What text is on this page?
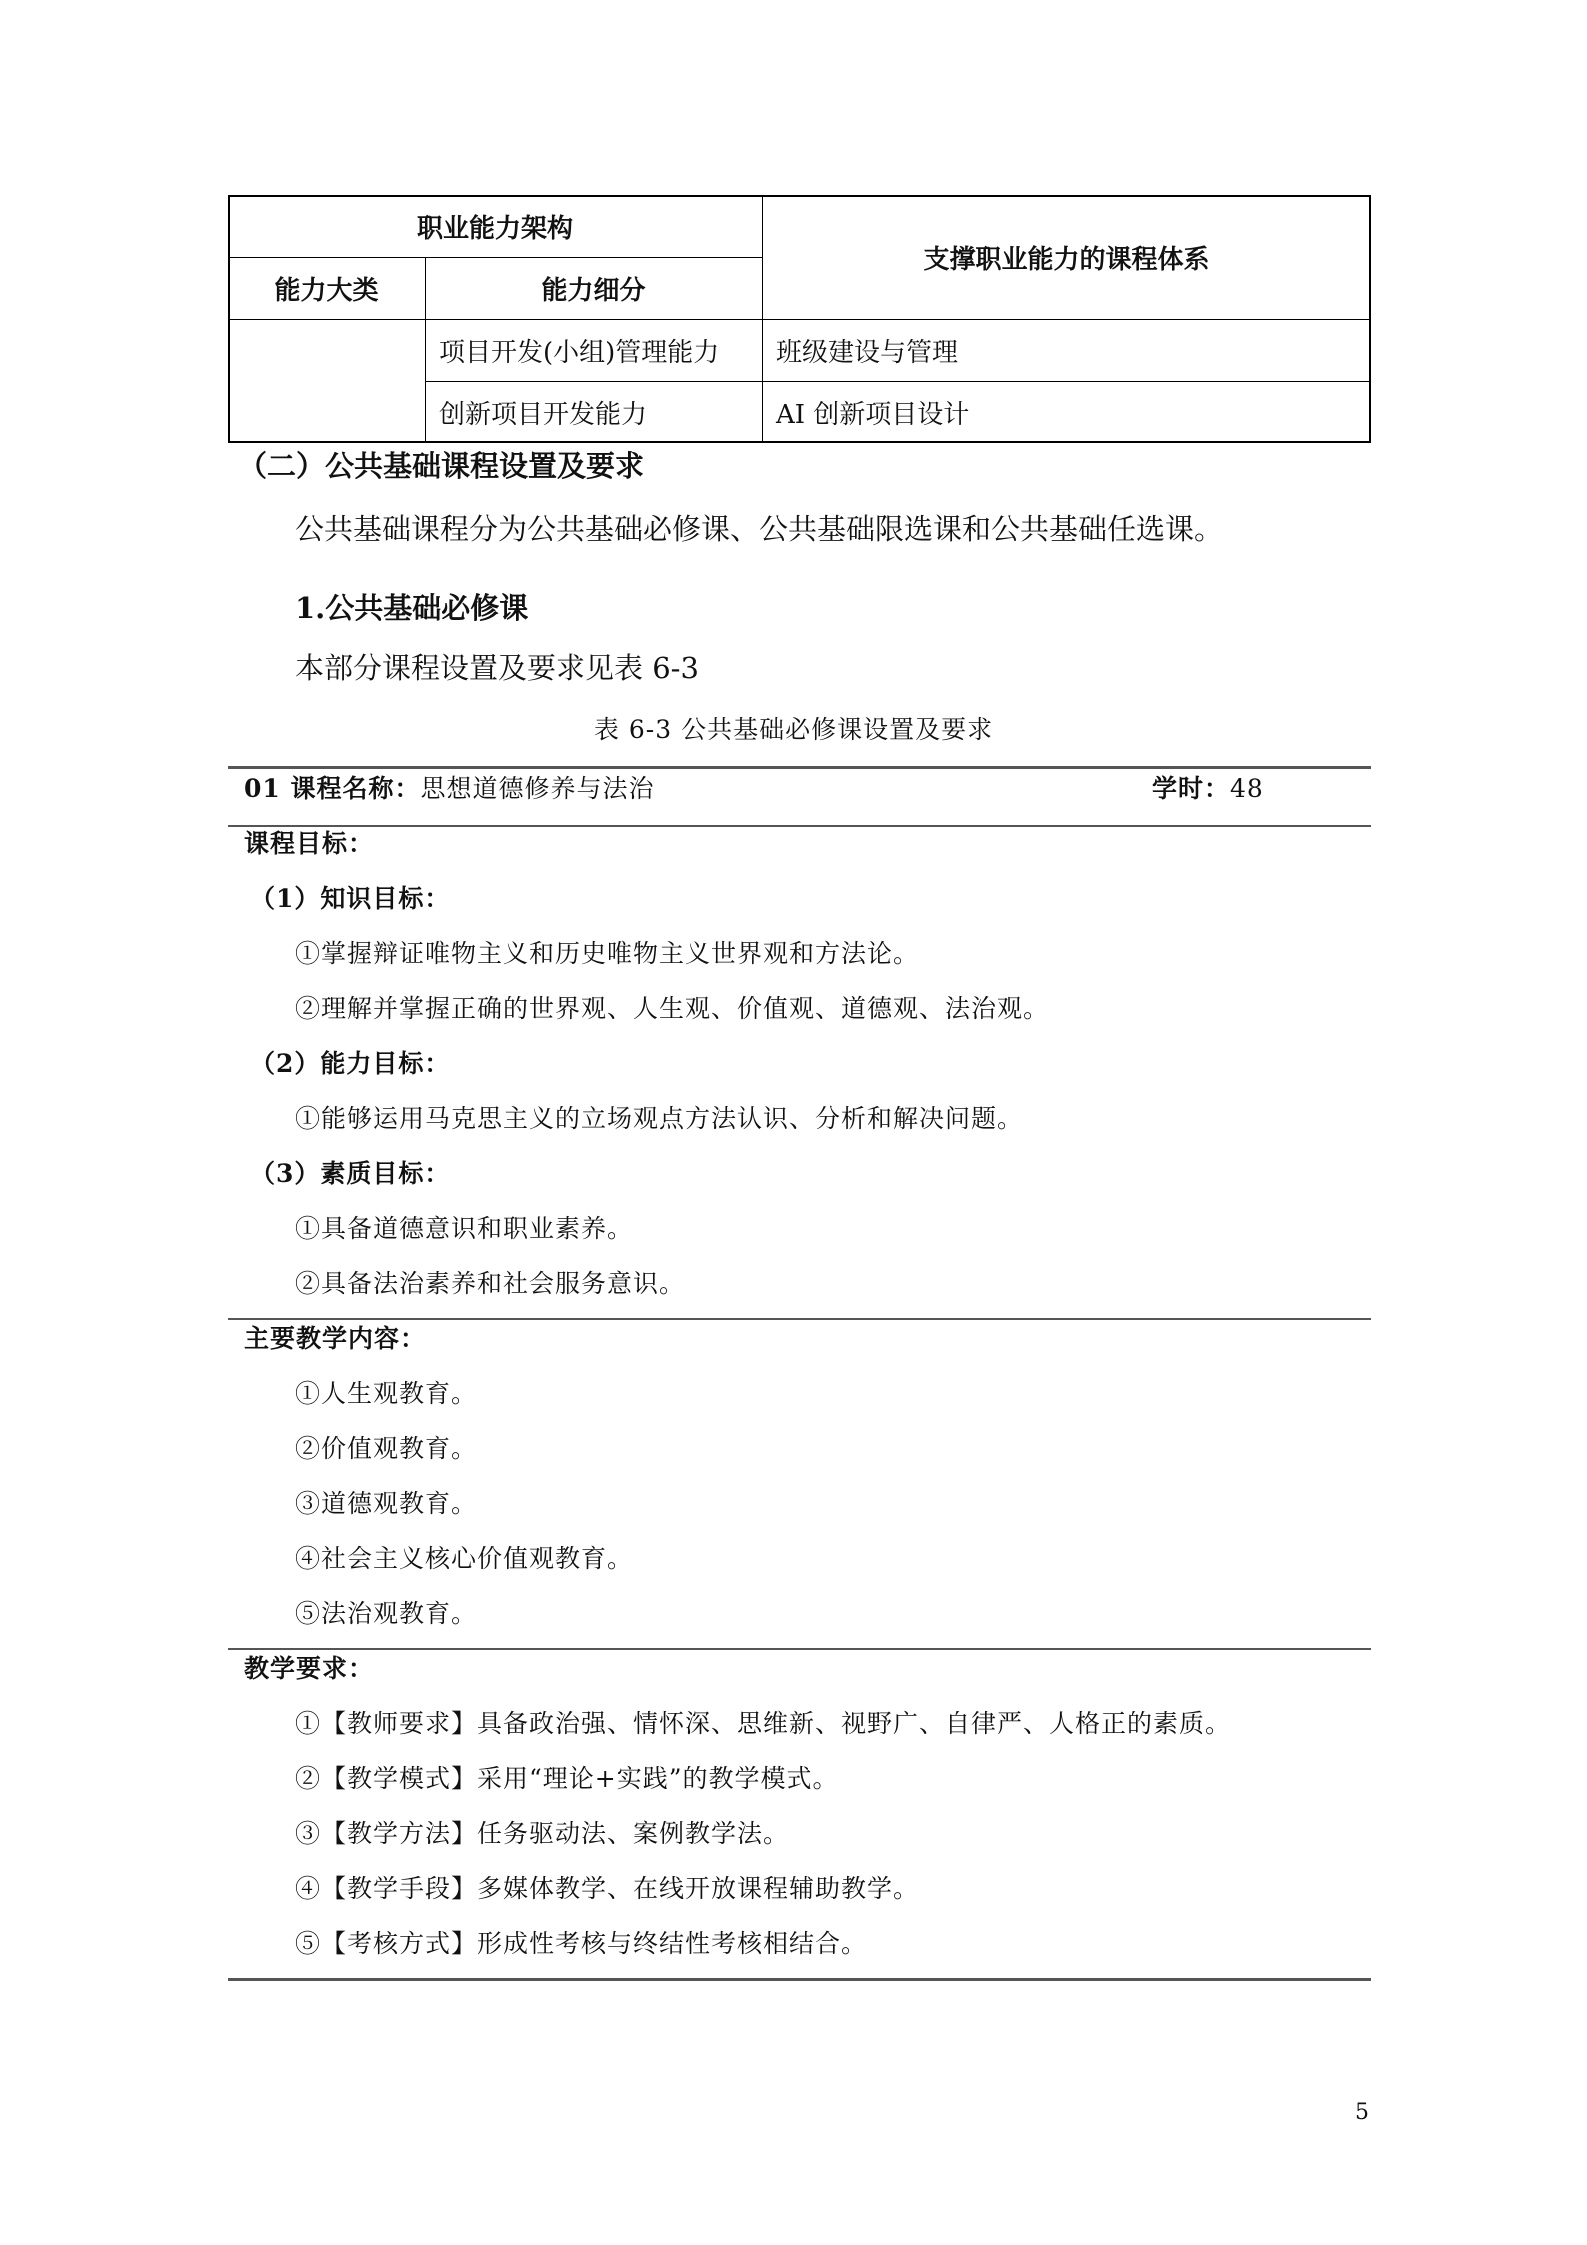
职业能力架构
支撑职业能力的课程体系
能力大类	能力细分
项目开发(小组)管理能力	班级建设与管理
创新项目开发能力	AI 创新项目设计
（二）公共基础课程设置及要求
公共基础课程分为公共基础必修课、公共基础限选课和公共基础任选课。
1.公共基础必修课
本部分课程设置及要求见表 6-3
表 6-3 公共基础必修课设置及要求
01 课程名称：思想道德修养与法治	学时：48
课程目标：
（1）知识目标：
①掌握辩证唯物主义和历史唯物主义世界观和方法论。
②理解并掌握正确的世界观、人生观、价值观、道德观、法治观。
（2）能力目标：
①能够运用马克思主义的立场观点方法认识、分析和解决问题。
（3）素质目标：
①具备道德意识和职业素养。
②具备法治素养和社会服务意识。
主要教学内容：
①人生观教育。
②价值观教育。
③道德观教育。
④社会主义核心价值观教育。
⑤法治观教育。
教学要求：
①【教师要求】具备政治强、情怀深、思维新、视野广、自律严、人格正的素质。
②【教学模式】采用“理论+实践”的教学模式。
③【教学方法】任务驱动法、案例教学法。
④【教学手段】多媒体教学、在线开放课程辅助教学。
⑤【考核方式】形成性考核与终结性考核相结合。
5
